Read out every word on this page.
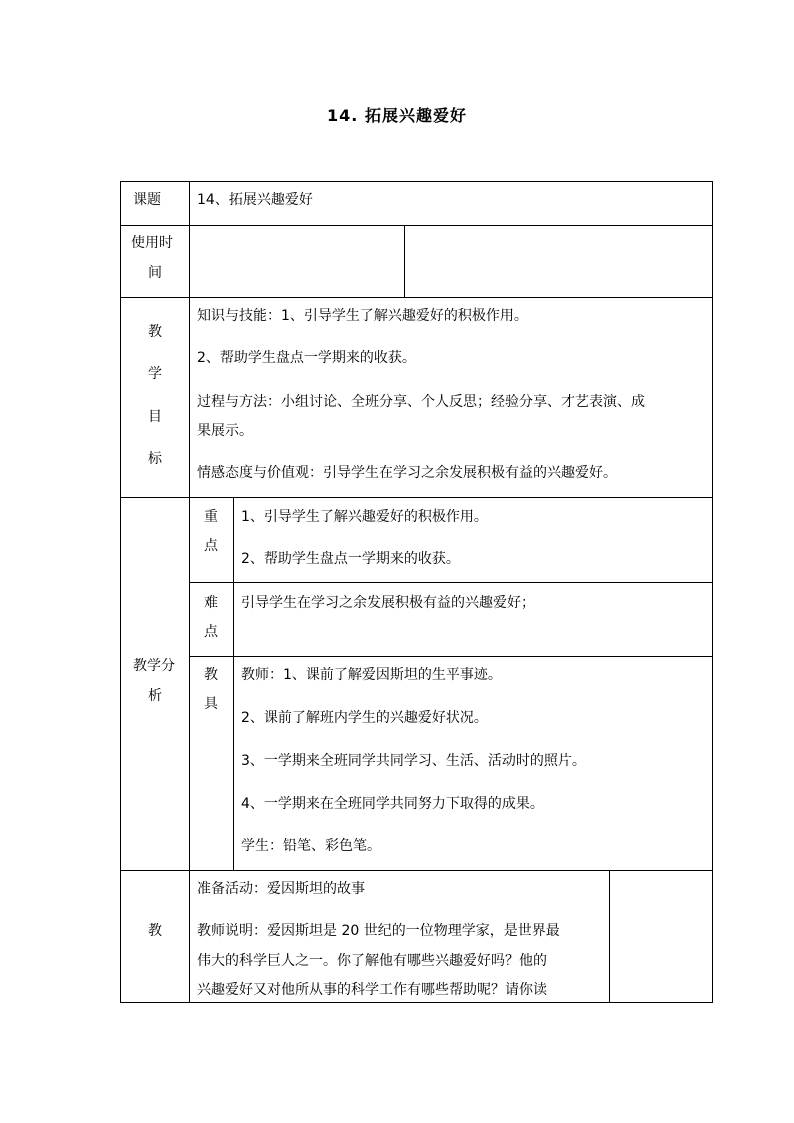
14. 拓展兴趣爱好
课题	14、拓展兴趣爱好
使用时
间
教
学
目
标
知识与技能：1、引导学生了解兴趣爱好的积极作用。
2、帮助学生盘点一学期来的收获。
过程与方法：小组讨论、全班分享、个人反思；经验分享、才艺表演、成
果展示。
情感态度与价值观：引导学生在学习之余发展积极有益的兴趣爱好。
教学分
析
重
点
1、引导学生了解兴趣爱好的积极作用。
2、帮助学生盘点一学期来的收获。
难
点
引导学生在学习之余发展积极有益的兴趣爱好；
教
具
教师：1、课前了解爱因斯坦的生平事迹。
2、课前了解班内学生的兴趣爱好状况。
3、一学期来全班同学共同学习、生活、活动时的照片。
4、一学期来在全班同学共同努力下取得的成果。
学生：铅笔、彩色笔。
教
准备活动：爱因斯坦的故事
教师说明：爱因斯坦是 20 世纪的一位物理学家，是世界最
伟大的科学巨人之一。你了解他有哪些兴趣爱好吗？他的
兴趣爱好又对他所从事的科学工作有哪些帮助呢？请你读
